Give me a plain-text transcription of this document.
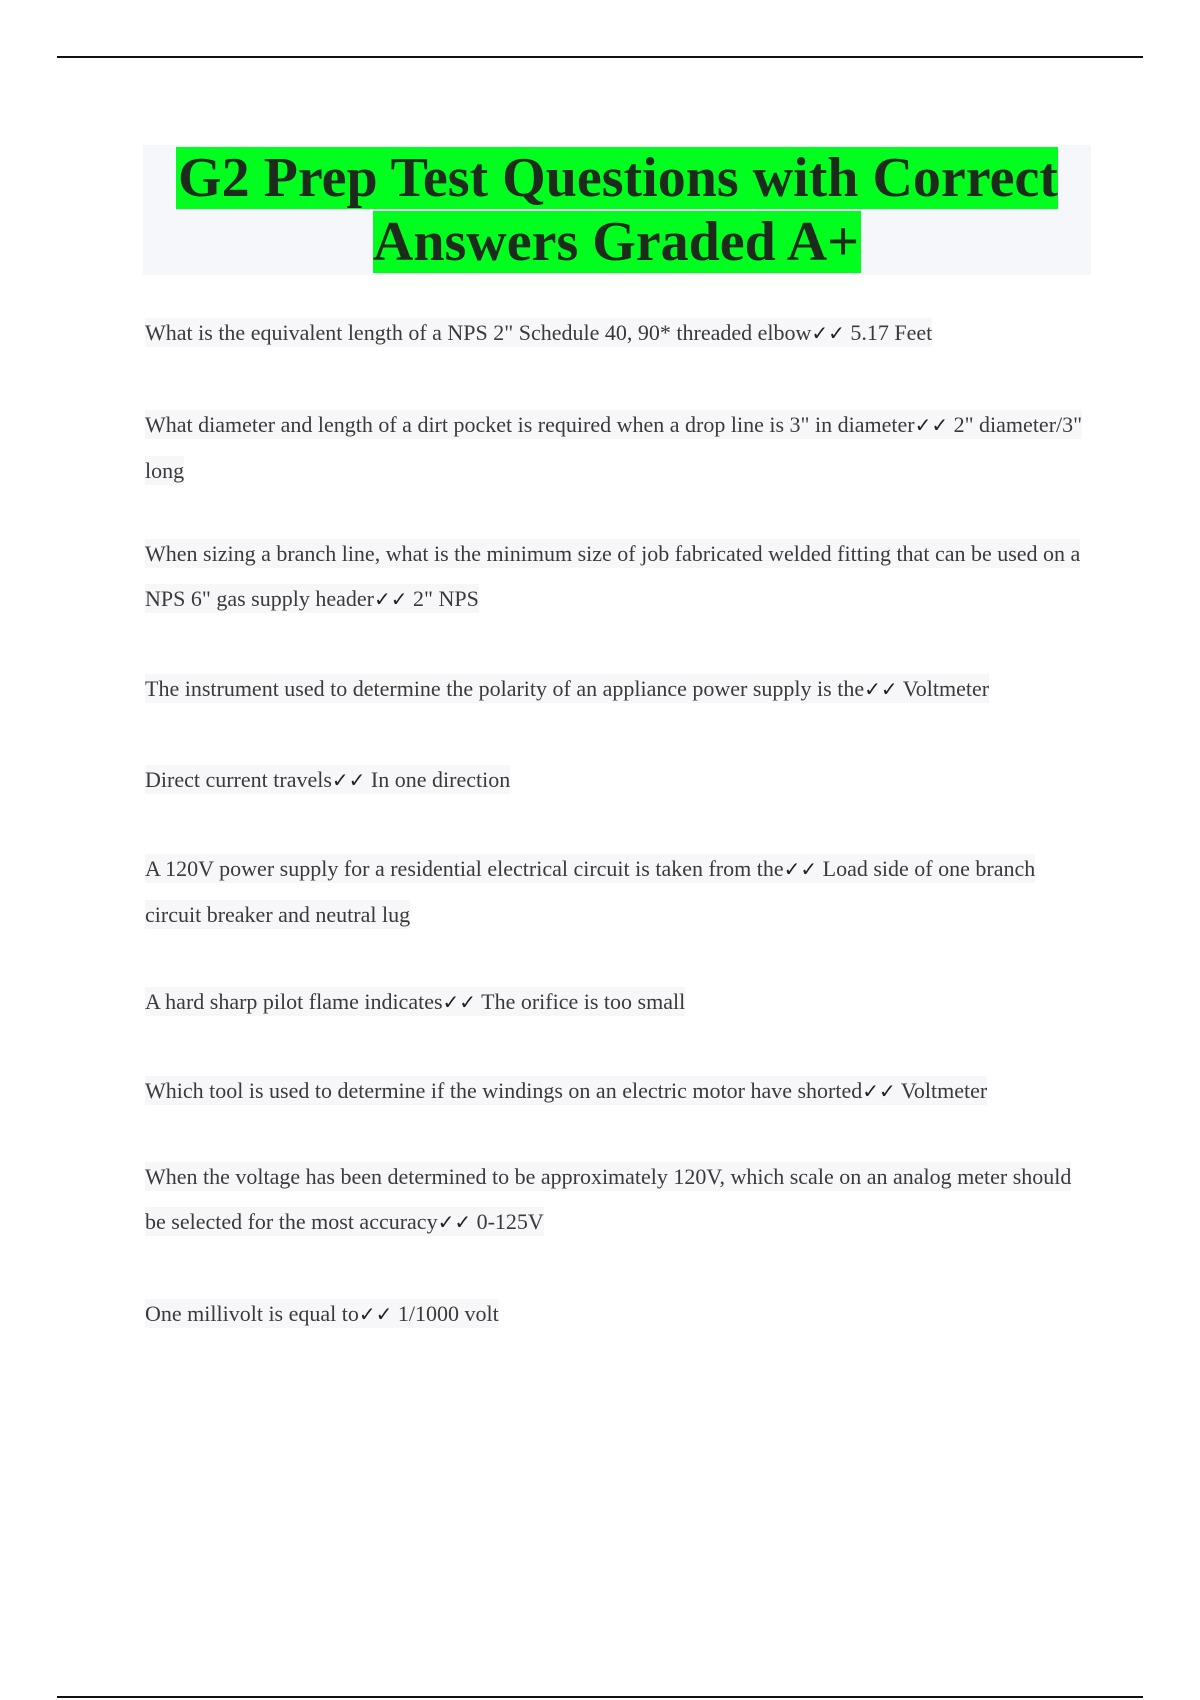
G2 Prep Test Questions with Correct Answers Graded A+
What is the equivalent length of a NPS 2" Schedule 40, 90* threaded elbow✓✓ 5.17 Feet
What diameter and length of a dirt pocket is required when a drop line is 3" in diameter✓✓ 2" diameter/3" long
When sizing a branch line, what is the minimum size of job fabricated welded fitting that can be used on a NPS 6" gas supply header✓✓ 2" NPS
The instrument used to determine the polarity of an appliance power supply is the✓✓ Voltmeter
Direct current travels✓✓ In one direction
A 120V power supply for a residential electrical circuit is taken from the✓✓ Load side of one branch circuit breaker and neutral lug
A hard sharp pilot flame indicates✓✓ The orifice is too small
Which tool is used to determine if the windings on an electric motor have shorted✓✓ Voltmeter
When the voltage has been determined to be approximately 120V, which scale on an analog meter should be selected for the most accuracy✓✓ 0-125V
One millivolt is equal to✓✓ 1/1000 volt
